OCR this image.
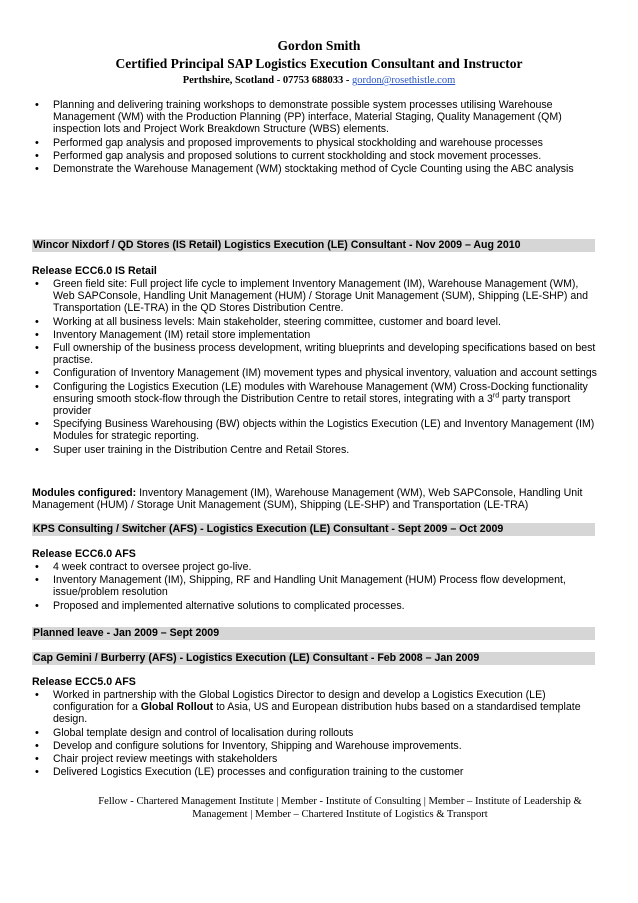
Gordon Smith
Certified Principal SAP Logistics Execution Consultant and Instructor
Perthshire, Scotland - 07753 688033 - gordon@rosethistle.com
• Planning and delivering training workshops to demonstrate possible system processes utilising Warehouse Management (WM) with the Production Planning (PP) interface, Material Staging, Quality Management (QM) inspection lots and Project Work Breakdown Structure (WBS) elements.
• Performed gap analysis and proposed improvements to physical stockholding and warehouse processes
• Performed gap analysis and proposed solutions to current stockholding and stock movement processes.
• Demonstrate the Warehouse Management (WM) stocktaking method of Cycle Counting using the ABC analysis
Wincor Nixdorf / QD Stores (IS Retail) Logistics Execution (LE) Consultant - Nov 2009 – Aug 2010
Release ECC6.0 IS Retail
• Green field site: Full project life cycle to implement Inventory Management (IM), Warehouse Management (WM), Web SAPConsole, Handling Unit Management (HUM) / Storage Unit Management (SUM), Shipping (LE-SHP) and Transportation (LE-TRA) in the QD Stores Distribution Centre.
• Working at all business levels: Main stakeholder, steering committee, customer and board level.
• Inventory Management (IM) retail store implementation
• Full ownership of the business process development, writing blueprints and developing specifications based on best practise.
• Configuration of Inventory Management (IM) movement types and physical inventory, valuation and account settings
• Configuring the Logistics Execution (LE) modules with Warehouse Management (WM) Cross-Docking functionality ensuring smooth stock-flow through the Distribution Centre to retail stores, integrating with a 3rd party transport provider
• Specifying Business Warehousing (BW) objects within the Logistics Execution (LE) and Inventory Management (IM) Modules for strategic reporting.
• Super user training in the Distribution Centre and Retail Stores.
Modules configured: Inventory Management (IM), Warehouse Management (WM), Web SAPConsole, Handling Unit Management (HUM) / Storage Unit Management (SUM), Shipping (LE-SHP) and Transportation (LE-TRA)
KPS Consulting / Switcher (AFS) - Logistics Execution (LE) Consultant - Sept 2009 – Oct 2009
Release ECC6.0 AFS
• 4 week contract to oversee project go-live.
• Inventory Management (IM), Shipping, RF and Handling Unit Management (HUM) Process flow development, issue/problem resolution
• Proposed and implemented alternative solutions to complicated processes.
Planned leave - Jan 2009 – Sept 2009
Cap Gemini / Burberry (AFS) - Logistics Execution (LE) Consultant - Feb 2008 – Jan 2009
Release ECC5.0 AFS
• Worked in partnership with the Global Logistics Director to design and develop a Logistics Execution (LE) configuration for a Global Rollout to Asia, US and European distribution hubs based on a standardised template design.
• Global template design and control of localisation during rollouts
• Develop and configure solutions for Inventory, Shipping and Warehouse improvements.
• Chair project review meetings with stakeholders
• Delivered Logistics Execution (LE) processes and configuration training to the customer
Fellow - Chartered Management Institute | Member - Institute of Consulting | Member – Institute of Leadership & Management | Member – Chartered Institute of Logistics & Transport
